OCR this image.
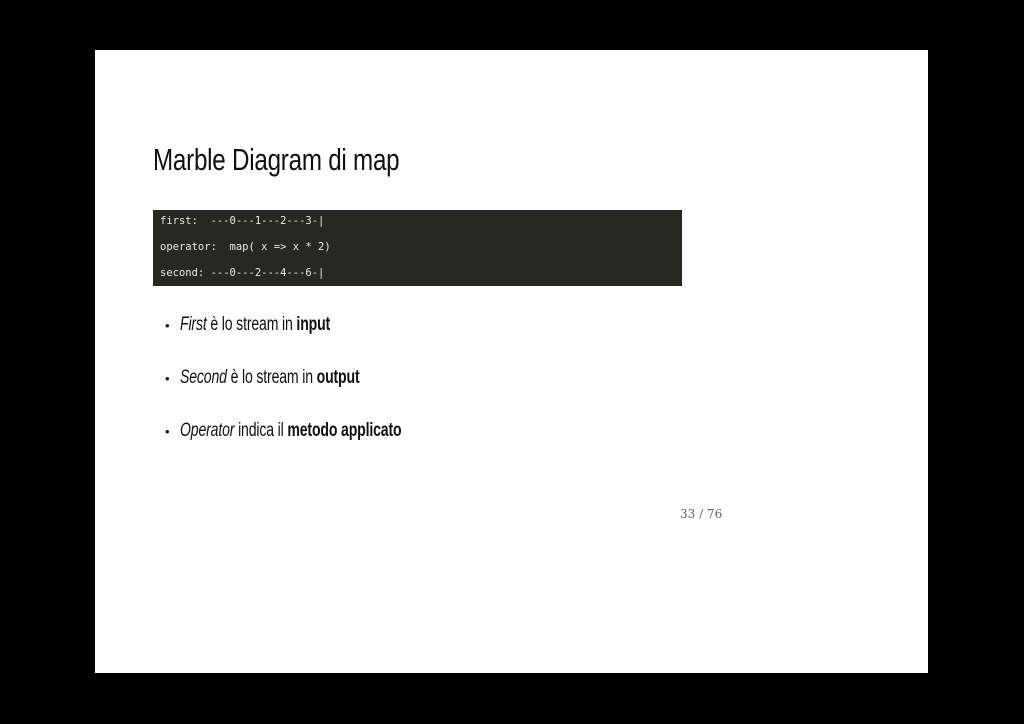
Marble Diagram di map
first:  ---0---1---2---3-|
operator:  map( x => x * 2)
second: ---0---2---4---6-|
• First è lo stream in input
• Second è lo stream in output
• Operator indica il metodo applicato
33 / 76
